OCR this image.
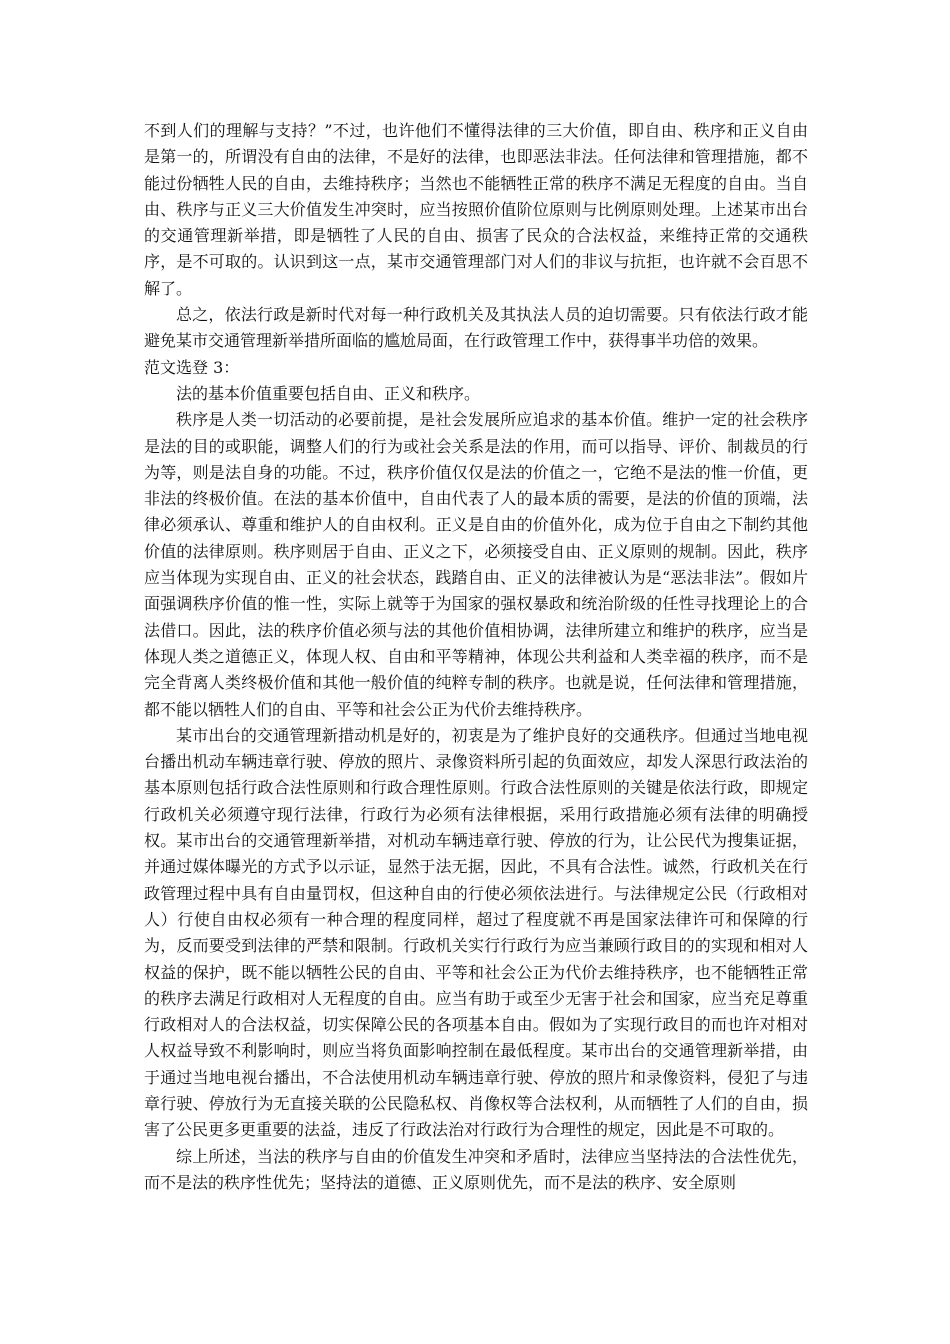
不到人们的理解与支持？”不过，也许他们不懂得法律的三大价值，即自由、秩序和正义自由是第一的，所谓没有自由的法律，不是好的法律，也即恶法非法。任何法律和管理措施，都不能过份牺牲人民的自由，去维持秩序；当然也不能牺牲正常的秩序不满足无程度的自由。当自由、秩序与正义三大价值发生冲突时，应当按照价值阶位原则与比例原则处理。上述某市出台的交通管理新举措，即是牺牲了人民的自由、损害了民众的合法权益，来维持正常的交通秩序，是不可取的。认识到这一点，某市交通管理部门对人们的非议与抗拒，也许就不会百思不解了。

总之，依法行政是新时代对每一种行政机关及其执法人员的迫切需要。只有依法行政才能避免某市交通管理新举措所面临的尴尬局面，在行政管理工作中，获得事半功倍的效果。

范文选登 3：

法的基本价值重要包括自由、正义和秩序。

秩序是人类一切活动的必要前提，是社会发展所应追求的基本价值。维护一定的社会秩序是法的目的或职能，调整人们的行为或社会关系是法的作用，而可以指导、评价、制裁员的行为等，则是法自身的功能。不过，秩序价值仅仅是法的价值之一，它绝不是法的惟一价值，更非法的终极价值。在法的基本价值中，自由代表了人的最本质的需要，是法的价值的顶端，法律必须承认、尊重和维护人的自由权利。正义是自由的价值外化，成为位于自由之下制约其他价值的法律原则。秩序则居于自由、正义之下，必须接受自由、正义原则的规制。因此，秩序应当体现为实现自由、正义的社会状态，践踏自由、正义的法律被认为是“恶法非法”。假如片面强调秩序价值的惟一性，实际上就等于为国家的强权暴政和统治阶级的任性寻找理论上的合法借口。因此，法的秩序价值必须与法的其他价值相协调，法律所建立和维护的秩序，应当是体现人类之道德正义，体现人权、自由和平等精神，体现公共利益和人类幸福的秩序，而不是完全背离人类终极价值和其他一般价值的纯粹专制的秩序。也就是说，任何法律和管理措施，都不能以牺牲人们的自由、平等和社会公正为代价去维持秩序。

某市出台的交通管理新措动机是好的，初衷是为了维护良好的交通秩序。但通过当地电视台播出机动车辆违章行驶、停放的照片、录像资料所引起的负面效应，却发人深思行政法治的基本原则包括行政合法性原则和行政合理性原则。行政合法性原则的关键是依法行政，即规定行政机关必须遵守现行法律，行政行为必须有法律根据，采用行政措施必须有法律的明确授权。某市出台的交通管理新举措，对机动车辆违章行驶、停放的行为，让公民代为搜集证据，并通过媒体曝光的方式予以示证，显然于法无据，因此，不具有合法性。诚然，行政机关在行政管理过程中具有自由量罚权，但这种自由的行使必须依法进行。与法律规定公民（行政相对人）行使自由权必须有一种合理的程度同样，超过了程度就不再是国家法律许可和保障的行为，反而要受到法律的严禁和限制。行政机关实行行政行为应当兼顾行政目的的实现和相对人权益的保护，既不能以牺牲公民的自由、平等和社会公正为代价去维持秩序，也不能牺牲正常的秩序去满足行政相对人无程度的自由。应当有助于或至少无害于社会和国家，应当充足尊重行政相对人的合法权益，切实保障公民的各项基本自由。假如为了实现行政目的而也许对相对人权益导致不利影响时，则应当将负面影响控制在最低程度。某市出台的交通管理新举措，由于通过当地电视台播出，不合法使用机动车辆违章行驶、停放的照片和录像资料，侵犯了与违章行驶、停放行为无直接关联的公民隐私权、肖像权等合法权利，从而牺牲了人们的自由，损害了公民更多更重要的法益，违反了行政法治对行政行为合理性的规定，因此是不可取的。

综上所述，当法的秩序与自由的价值发生冲突和矛盾时，法律应当坚持法的合法性优先，而不是法的秩序性优先；坚持法的道德、正义原则优先，而不是法的秩序、安全原则
